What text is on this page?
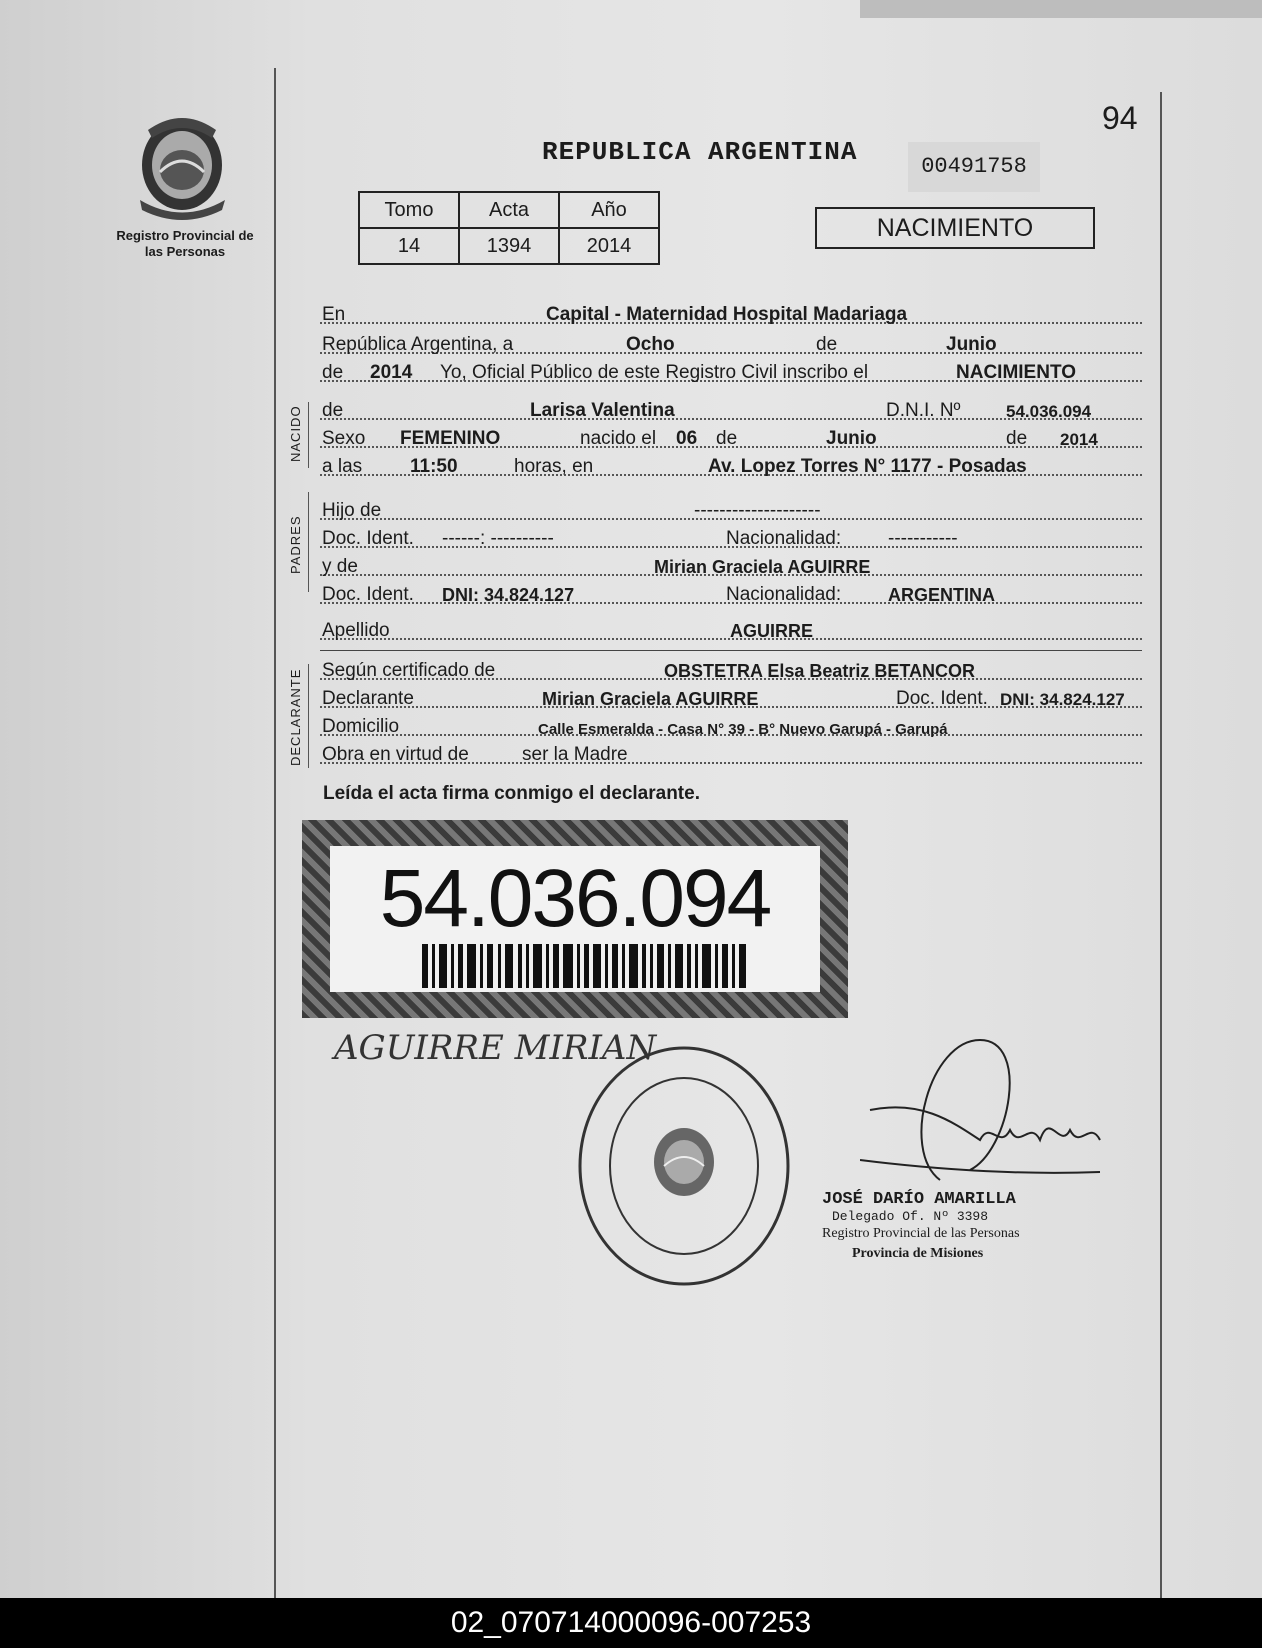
Registro Provincial de las Personas
94
REPUBLICA ARGENTINA	00491758
Tomo	Acta	Año
14	1394	2014
NACIMIENTO
NACIDO
PADRES
DECLARANTE
En	Capital - Maternidad Hospital Madariaga
República Argentina, a	Ocho	de	Junio
de 2014 Yo, Oficial Público de este Registro Civil inscribo el	NACIMIENTO
de	Larisa Valentina	D.N.I. Nº	54.036.094
Sexo FEMENINO	nacido el 06 de	Junio	de 2014
a las	11:50	horas, en	Av. Lopez Torres N° 1177 - Posadas
Hijo de	--------------------
Doc. Ident. ------: ----------	Nacionalidad: -----------
y de	Mirian Graciela AGUIRRE
Doc. Ident. DNI: 34.824.127	Nacionalidad:	ARGENTINA
Apellido	AGUIRRE
Según certificado de	OBSTETRA Elsa Beatriz BETANCOR
Declarante	Mirian Graciela AGUIRRE	Doc. Ident. DNI: 34.824.127
Domicilio	Calle Esmeralda - Casa N° 39 - B° Nuevo Garupá - Garupá
Obra en virtud de	ser la Madre
Leída el acta firma conmigo el declarante.
54.036.094
AGUIRRE MIRIAN
JOSÉ DARÍO AMARILLA
Delegado Of. Nº 3398
Registro Provincial de las Personas
Provincia de Misiones
02_070714000096-007253
